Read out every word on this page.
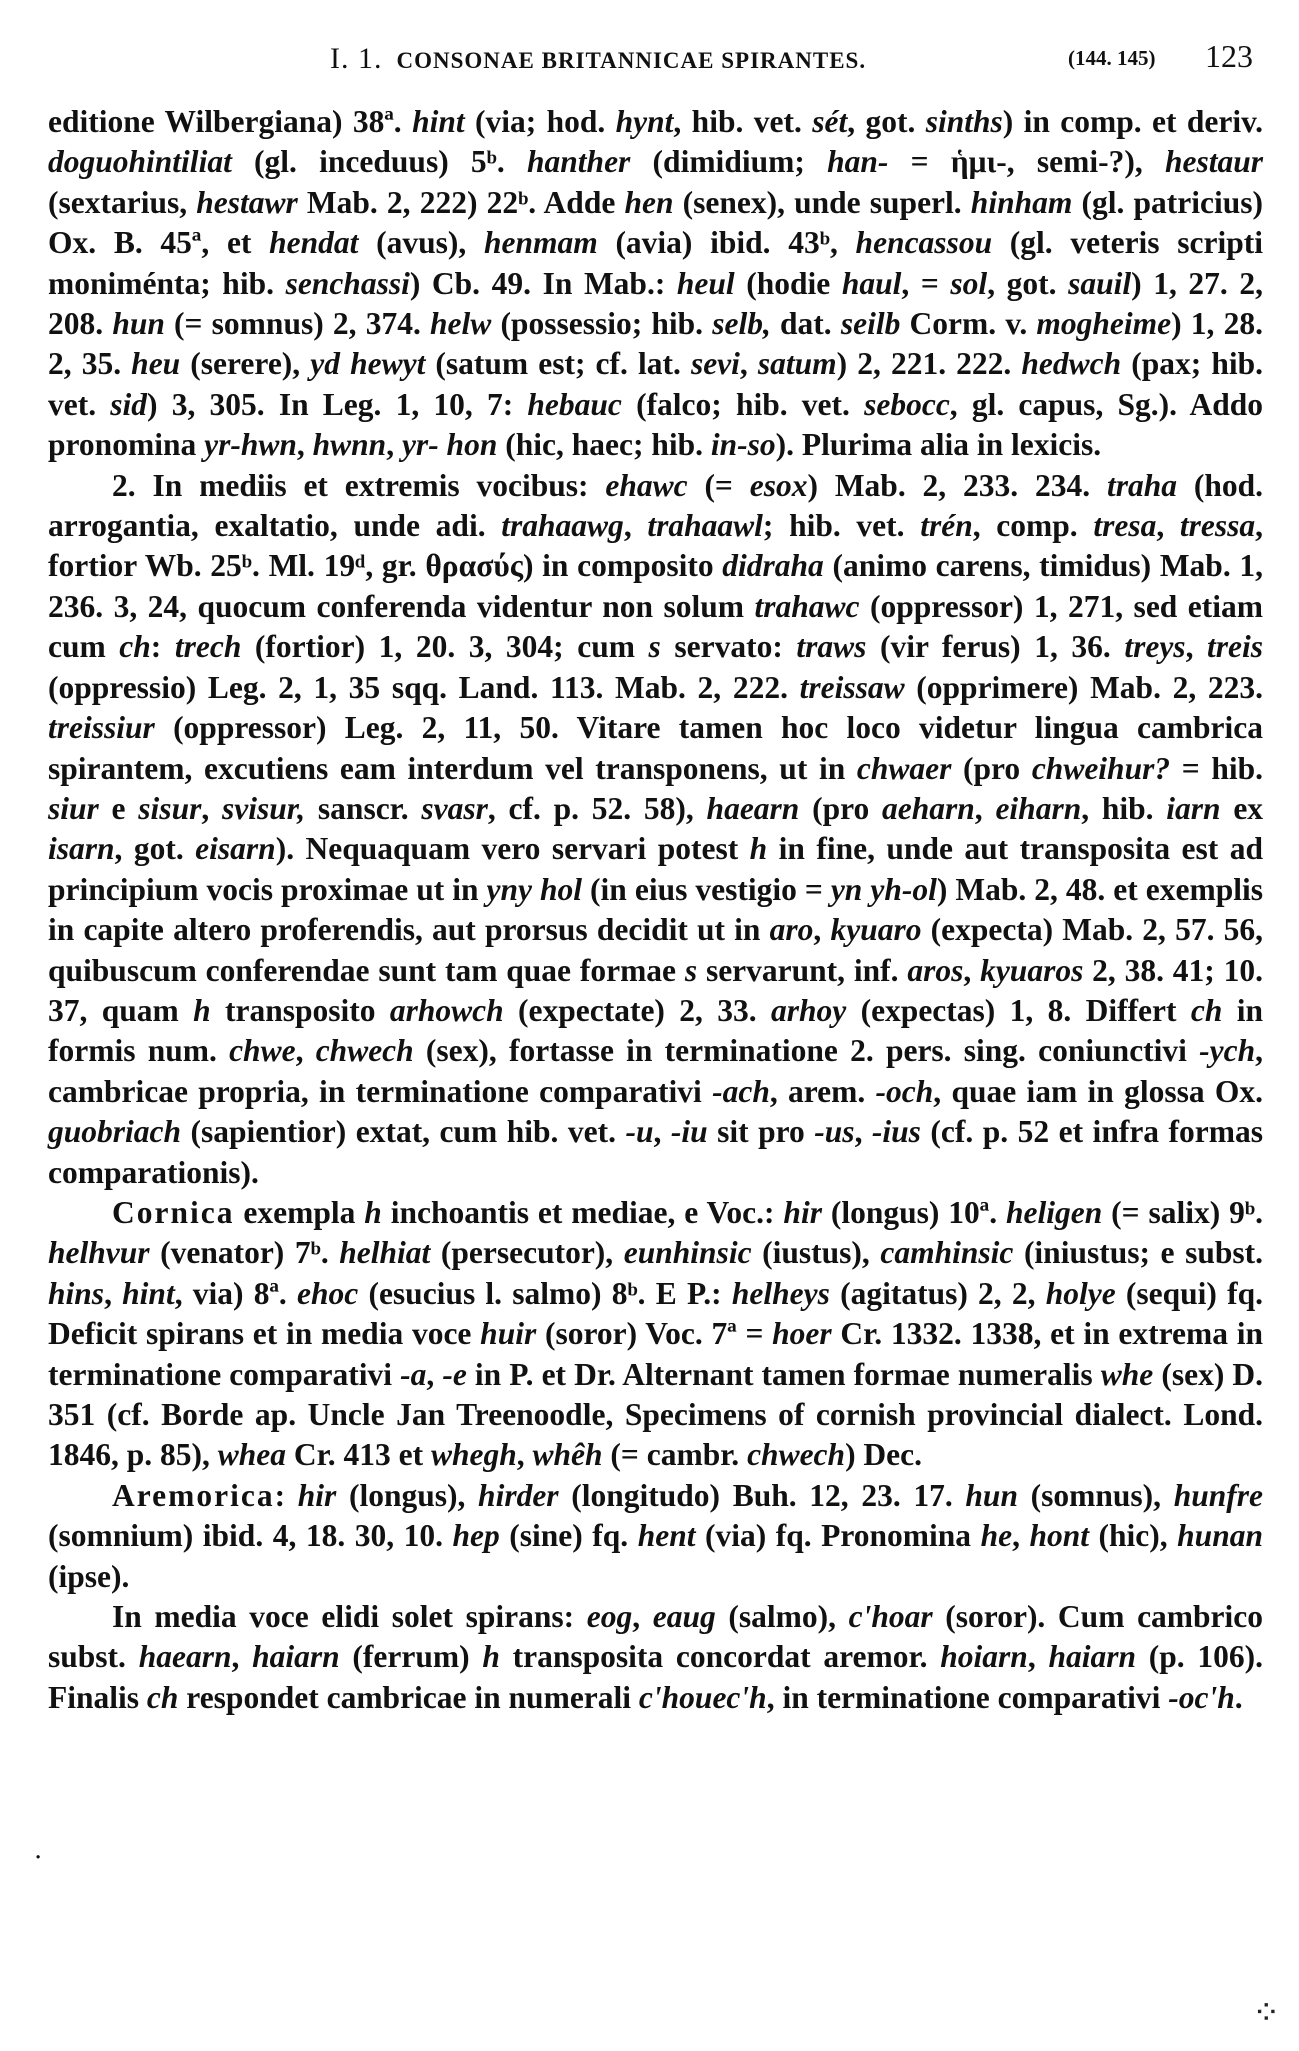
I. 1. CONSONAE BRITANNICAE SPIRANTES.	(144. 145) 123

editione Wilbergiana) 38ª. hint (via; hod. hynt, hib. vet. sét, got. sinths) in comp. et deriv. doguohintiliat (gl. inceduus) 5ᵇ. hanther (dimidium; han- = ἡμι-, semi-?), hestaur (sextarius, hestawr Mab. 2, 222) 22ᵇ. Adde hen (senex), unde superl. hinham (gl. patricius) Ox. B. 45ª, et hendat (avus), henmam (avia) ibid. 43ᵇ, hencassou (gl. veteris scripti moniménta; hib. senchassi) Cb. 49. In Mab.: heul (hodie haul, = sol, got. sauil) 1, 27. 2, 208. hun (= somnus) 2, 374. helw (possessio; hib. selb, dat. seilb Corm. v. mogheime) 1, 28. 2, 35. heu (serere), yd hewyt (satum est; cf. lat. sevi, satum) 2, 221. 222. hedwch (pax; hib. vet. sid) 3, 305. In Leg. 1, 10, 7: hebauc (falco; hib. vet. sebocc, gl. capus, Sg.). Addo pronomina yr-hwn, hwnn, yr- hon (hic, haec; hib. in-so). Plurima alia in lexicis.

2. In mediis et extremis vocibus: ehawc (= esox) Mab. 2, 233. 234. traha (hod. arrogantia, exaltatio, unde adi. trahaawg, trahaawl; hib. vet. trén, comp. tresa, tressa, fortior Wb. 25ᵇ. Ml. 19ᵈ, gr. θρασύς) in composito didraha (animo carens, timidus) Mab. 1, 236. 3, 24, quocum conferenda videntur non solum trahawc (oppressor) 1, 271, sed etiam cum ch: trech (fortior) 1, 20. 3, 304; cum s servato: traws (vir ferus) 1, 36. treys, treis (oppressio) Leg. 2, 1, 35 sqq. Land. 113. Mab. 2, 222. treissaw (opprimere) Mab. 2, 223. treissiur (oppressor) Leg. 2, 11, 50. Vitare tamen hoc loco videtur lingua cambrica spirantem, excutiens eam interdum vel transponens, ut in chwaer (pro chweihur? = hib. siur e sisur, svisur, sanscr. svasr, cf. p. 52. 58), haearn (pro aeharn, eiharn, hib. iarn ex isarn, got. eisarn). Nequaquam vero servari potest h in fine, unde aut transposita est ad principium vocis proximae ut in yny hol (in eius vestigio = yn yh-ol) Mab. 2, 48. et exemplis in capite altero proferendis, aut prorsus decidit ut in aro, kyuaro (expecta) Mab. 2, 57. 56, quibuscum conferendae sunt tam quae formae s servarunt, inf. aros, kyuaros 2, 38. 41; 10. 37, quam h transposito arhowch (expectate) 2, 33. arhoy (expectas) 1, 8. Differt ch in formis num. chwe, chwech (sex), fortasse in terminatione 2. pers. sing. coniunctivi -ych, cambricae propria, in terminatione comparativi -ach, arem. -och, quae iam in glossa Ox. guobriach (sapientior) extat, cum hib. vet. -u, -iu sit pro -us, -ius (cf. p. 52 et infra formas comparationis).

Cornica exempla h inchoantis et mediae, e Voc.: hir (longus) 10ª. heligen (= salix) 9ᵇ. helhvur (venator) 7ᵇ. helhiat (persecutor), eunhinsic (iustus), camhinsic (iniustus; e subst. hins, hint, via) 8ª. ehoc (esucius l. salmo) 8ᵇ. E P.: helheys (agitatus) 2, 2, holye (sequi) fq. Deficit spirans et in media voce huir (soror) Voc. 7ª = hoer Cr. 1332. 1338, et in extrema in terminatione comparativi -a, -e in P. et Dr. Alternant tamen formae numeralis whe (sex) D. 351 (cf. Borde ap. Uncle Jan Treenoodle, Specimens of cornish provincial dialect. Lond. 1846, p. 85), whea Cr. 413 et whegh, whêh (= cambr. chwech) Dec.

Aremorica: hir (longus), hirder (longitudo) Buh. 12, 23. 17. hun (somnus), hunfre (somnium) ibid. 4, 18. 30, 10. hep (sine) fq. hent (via) fq. Pronomina he, hont (hic), hunan (ipse).

In media voce elidi solet spirans: eog, eaug (salmo), c'hoar (soror). Cum cambrico subst. haearn, haiarn (ferrum) h transposita concordat aremor. hoiarn, haiarn (p. 106). Finalis ch respondet cambricae in numerali c'houec'h, in terminatione comparativi -oc'h.

·
⁘
